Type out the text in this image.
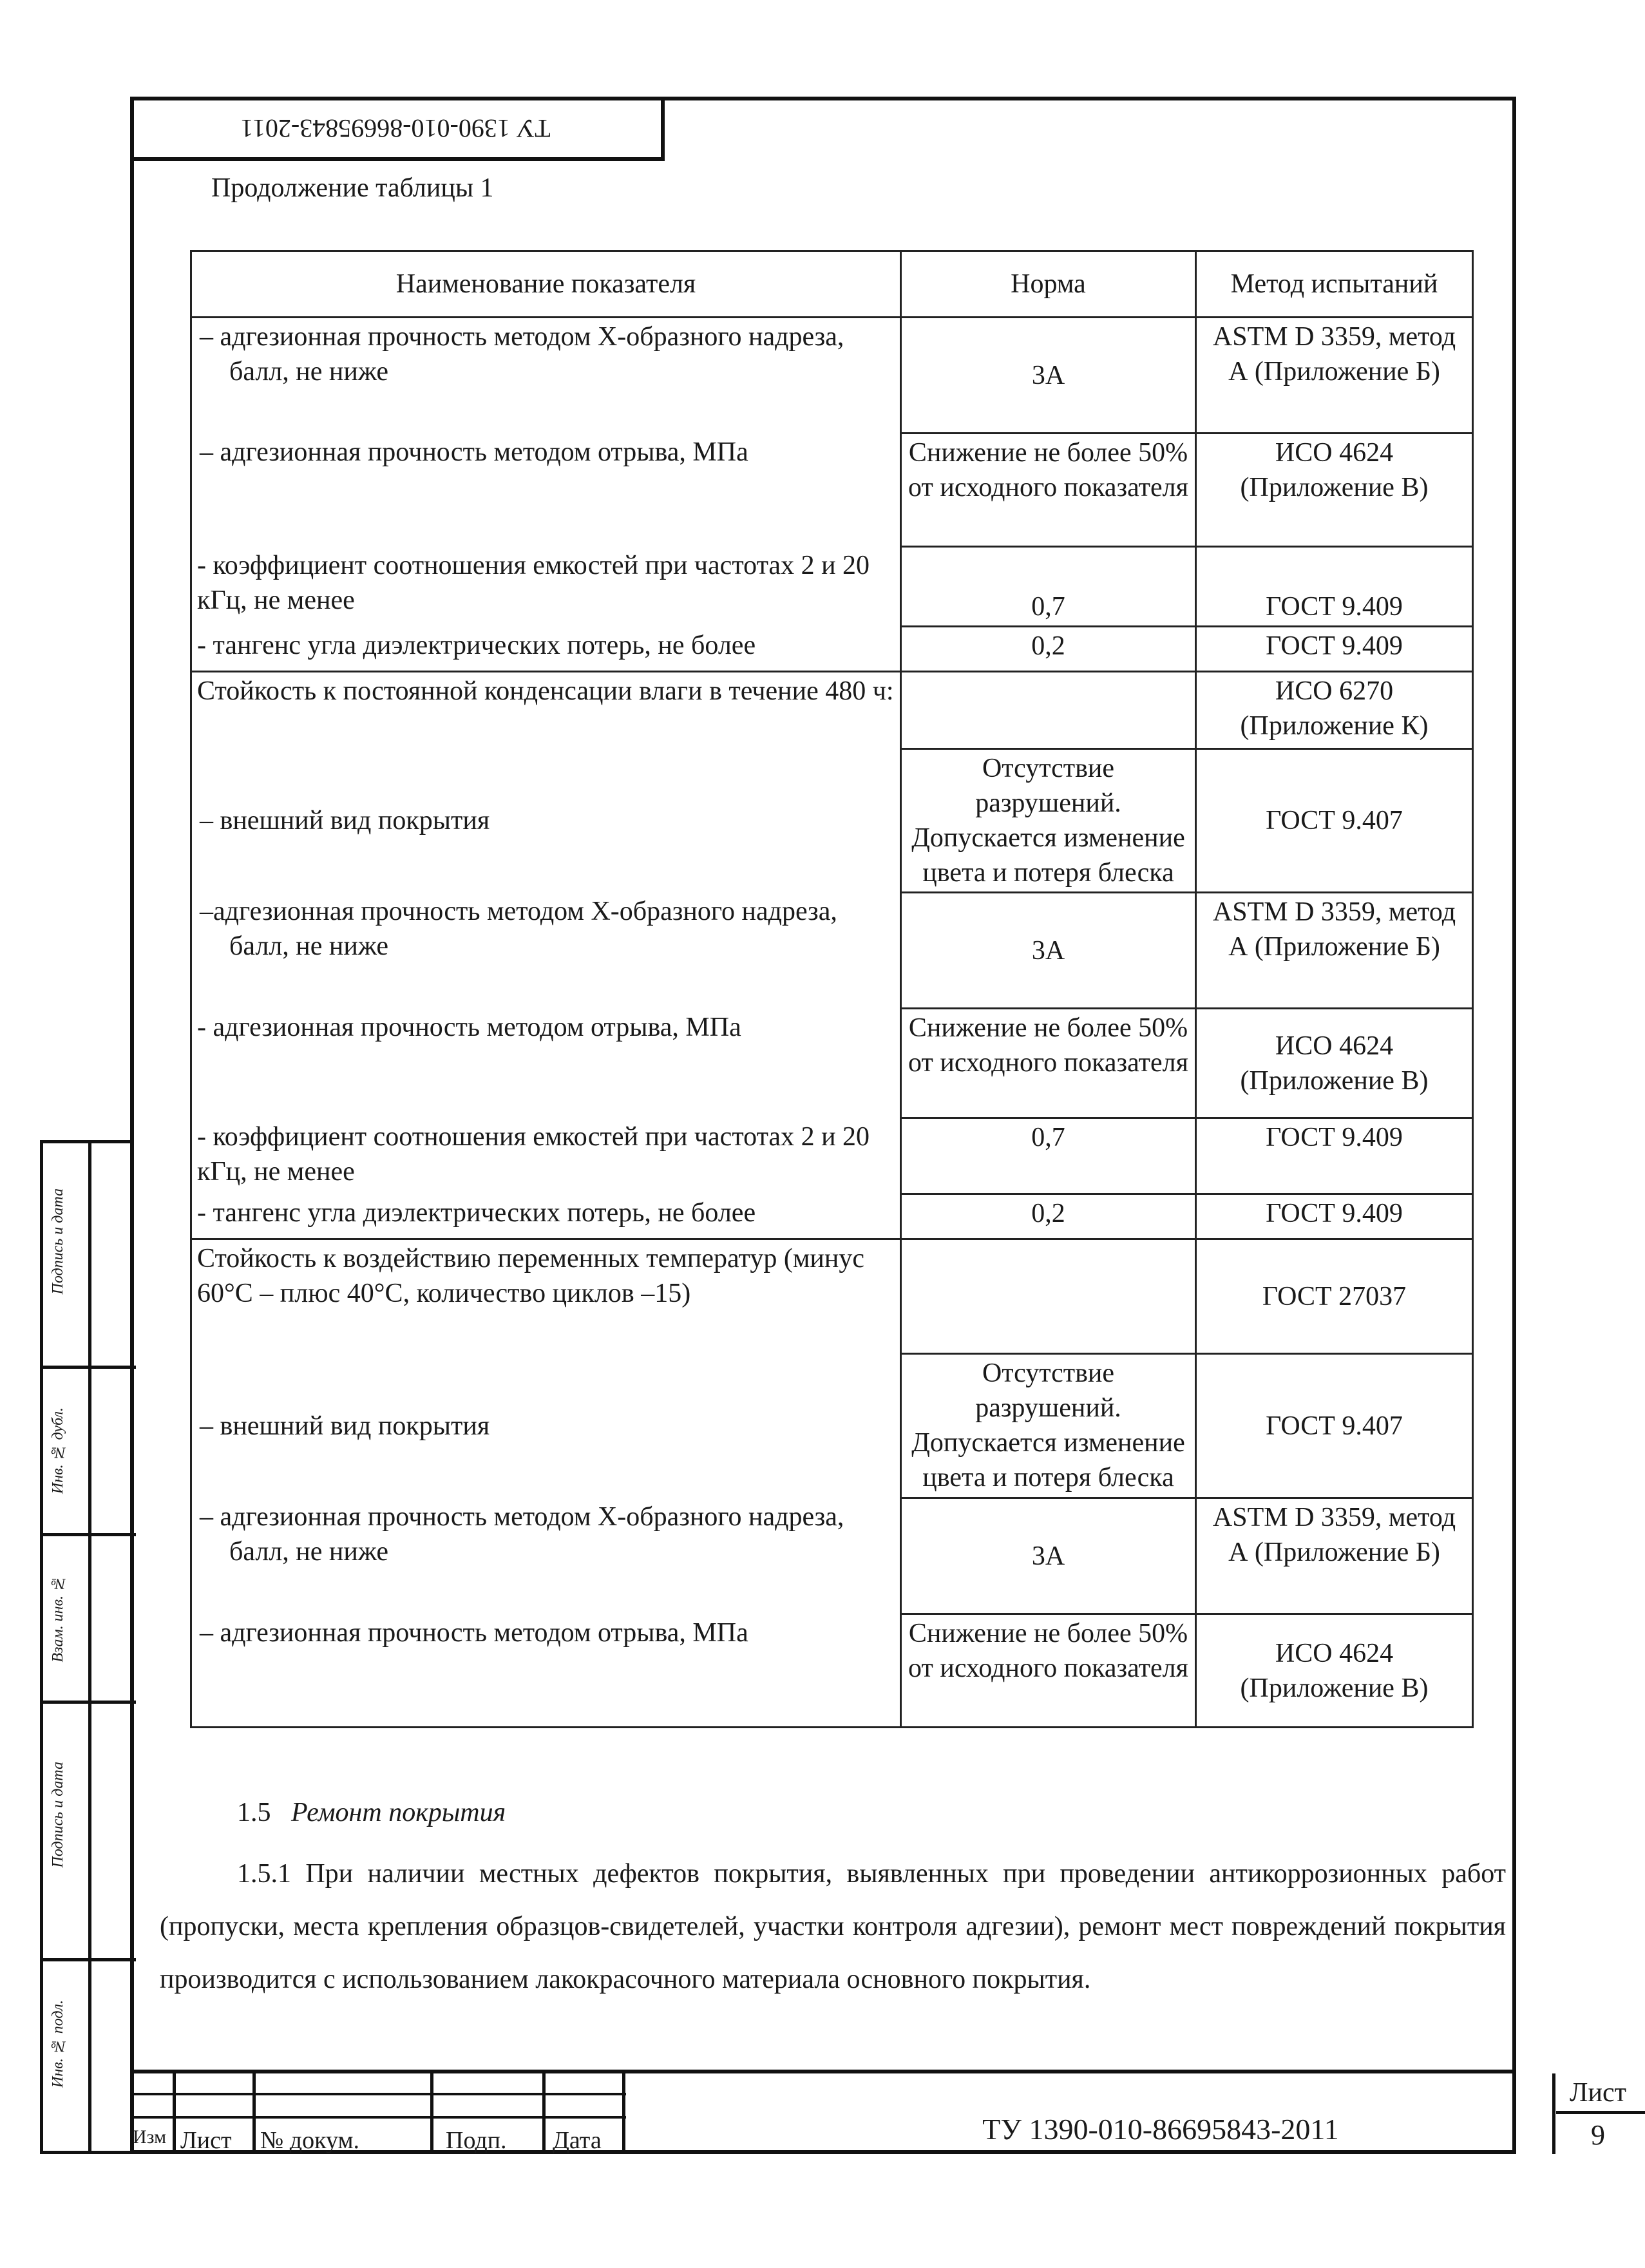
ТУ 1390-010-86695843-2011
Продолжение таблицы 1
Наименование показателя	Норма	Метод испытаний
– адгезионная прочность методом Х-образного надреза, балл, не ниже	3А	ASTM D 3359, метод А (Приложение Б)
– адгезионная прочность методом отрыва, МПа	Снижение не более 50% от исходного показателя	ИСО 4624 (Приложение В)
- коэффициент соотношения емкостей при частотах 2 и 20 кГц, не менее	0,7	ГОСТ 9.409
- тангенс угла диэлектрических потерь, не более	0,2	ГОСТ 9.409
Стойкость к постоянной конденсации влаги в течение 480 ч:		ИСО 6270 (Приложение К)
– внешний вид покрытия	Отсутствие разрушений. Допускается изменение цвета и потеря блеска	ГОСТ 9.407
–адгезионная прочность методом Х-образного надреза, балл, не ниже	3А	ASTM D 3359, метод А (Приложение Б)
- адгезионная прочность методом отрыва, МПа	Снижение не более 50% от исходного показателя	ИСО 4624 (Приложение В)
- коэффициент соотношения емкостей при частотах 2 и 20 кГц, не менее	0,7	ГОСТ 9.409
- тангенс угла диэлектрических потерь, не более	0,2	ГОСТ 9.409
Стойкость к воздействию переменных температур (минус 60°С – плюс 40°С, количество циклов –15)		ГОСТ 27037
– внешний вид покрытия	Отсутствие разрушений. Допускается изменение цвета и потеря блеска	ГОСТ 9.407
– адгезионная прочность методом Х-образного надреза, балл, не ниже	3А	ASTM D 3359, метод А (Приложение Б)
– адгезионная прочность методом отрыва, МПа	Снижение не более 50% от исходного показателя	ИСО 4624 (Приложение В)
1.5 Ремонт покрытия
1.5.1 При наличии местных дефектов покрытия, выявленных при проведении антикоррозионных работ (пропуски, места крепления образцов-свидетелей, участки контроля адгезии), ремонт мест повреждений покрытия производится с использованием лакокрасочного материала основного покрытия.
Подпись и дата
Инв. № дубл.
Взам. инв. №
Подпись и дата
Инв. № подл.
Изм Лист № докум.	Подп. Дата	ТУ 1390-010-86695843-2011
Лист
9
